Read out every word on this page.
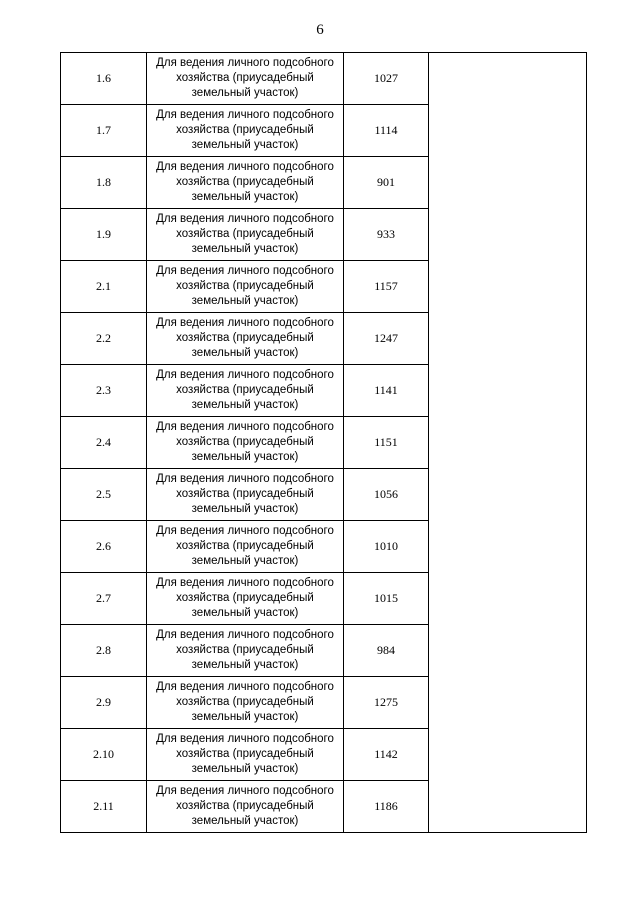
6
1.6	Для ведения личного подсобного хозяйства (приусадебный земельный участок)	1027	
1.7	Для ведения личного подсобного хозяйства (приусадебный земельный участок)	1114	
1.8	Для ведения личного подсобного хозяйства (приусадебный земельный участок)	901	
1.9	Для ведения личного подсобного хозяйства (приусадебный земельный участок)	933	
2.1	Для ведения личного подсобного хозяйства (приусадебный земельный участок)	1157	
2.2	Для ведения личного подсобного хозяйства (приусадебный земельный участок)	1247	
2.3	Для ведения личного подсобного хозяйства (приусадебный земельный участок)	1141	
2.4	Для ведения личного подсобного хозяйства (приусадебный земельный участок)	1151	
2.5	Для ведения личного подсобного хозяйства (приусадебный земельный участок)	1056	
2.6	Для ведения личного подсобного хозяйства (приусадебный земельный участок)	1010	
2.7	Для ведения личного подсобного хозяйства (приусадебный земельный участок)	1015	
2.8	Для ведения личного подсобного хозяйства (приусадебный земельный участок)	984	
2.9	Для ведения личного подсобного хозяйства (приусадебный земельный участок)	1275	
2.10	Для ведения личного подсобного хозяйства (приусадебный земельный участок)	1142	
2.11	Для ведения личного подсобного хозяйства (приусадебный земельный участок)	1186	
